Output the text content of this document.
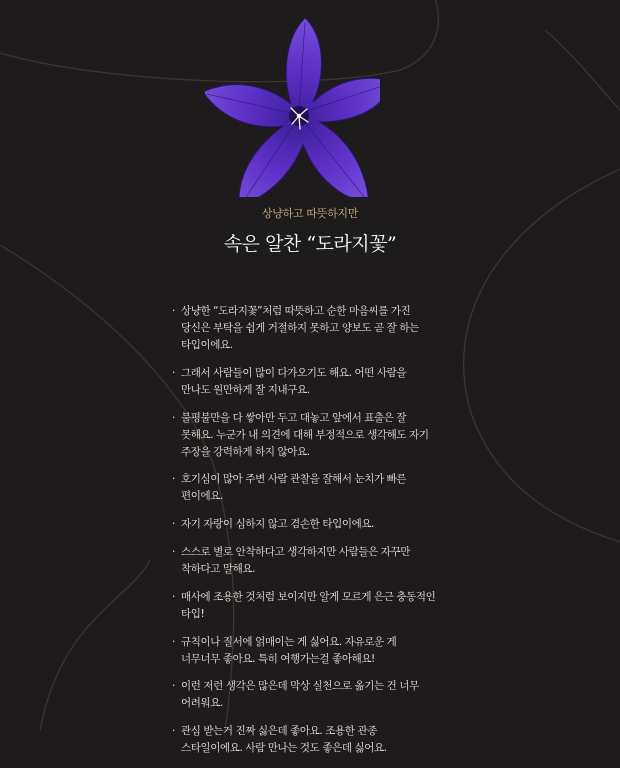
상냥하고 따뜻하지만
속은 알찬 “도라지꽃”
· 상냥한 “도라지꽃”처럼 따뜻하고 순한 마음씨를 가진
당신은 부탁을 쉽게 거절하지 못하고 양보도 곧 잘 하는
타입이에요.
· 그래서 사람들이 많이 다가오기도 해요. 어떤 사람을
만나도 원만하게 잘 지내구요.
· 불평불만을 다 쌓아만 두고 대놓고 앞에서 표출은 잘
못해요. 누군가 내 의견에 대해 부정적으로 생각해도 자기
주장을 강력하게 하지 않아요.
· 호기심이 많아 주변 사람 관찰을 잘해서 눈치가 빠른
편이에요.
· 자기 자랑이 심하지 않고 겸손한 타입이에요.
· 스스로 별로 안착하다고 생각하지만 사람들은 자꾸만
착하다고 말해요.
· 매사에 조용한 것처럼 보이지만 알게 모르게 은근 충동적인
타입!
· 규칙이나 질서에 얽매이는 게 싫어요. 자유로운 게
너무너무 좋아요. 특히 여행가는걸 좋아해요!
· 이런 저런 생각은 많은데 막상 실천으로 옮기는 건 너무
어려워요.
· 관심 받는거 진짜 싫은데 좋아요. 조용한 관종
스타일이에요. 사람 만나는 것도 좋은데 싫어요.
